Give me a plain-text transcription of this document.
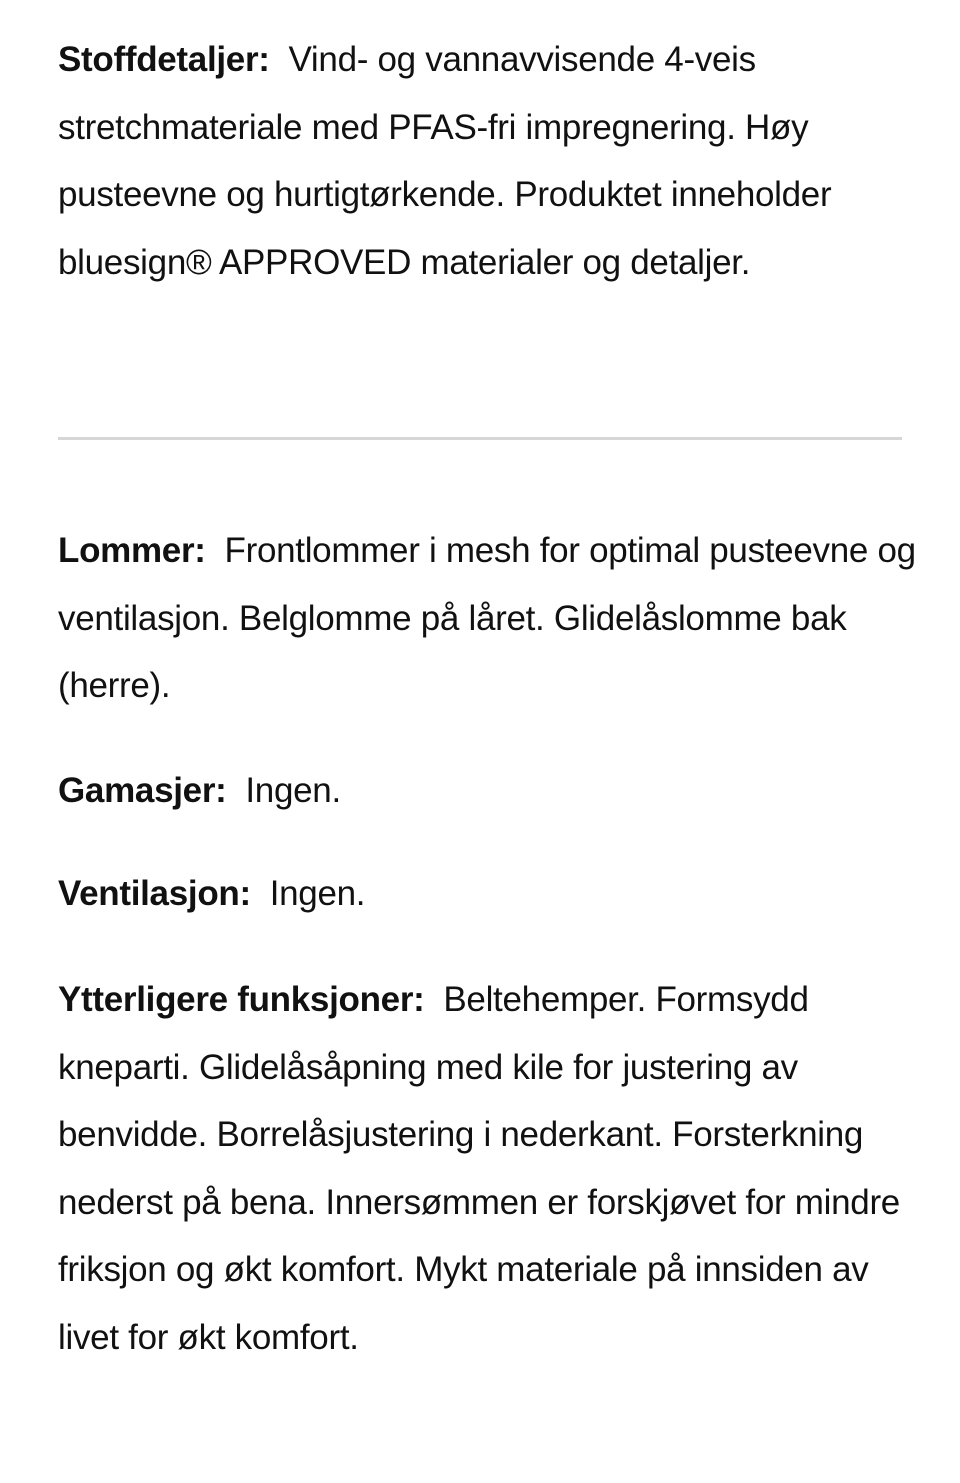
Stoffdetaljer: Vind- og vannavvisende 4-veis stretchmateriale med PFAS-fri impregnering. Høy pusteevne og hurtigtørkende. Produktet inneholder bluesign® APPROVED materialer og detaljer.

Lommer: Frontlommer i mesh for optimal pusteevne og ventilasjon. Belglomme på låret. Glidelåslomme bak (herre).

Gamasjer: Ingen.

Ventilasjon: Ingen.

Ytterligere funksjoner: Beltehemper. Formsydd kneparti. Glidelåsåpning med kile for justering av benvidde. Borrelåsjustering i nederkant. Forsterkning nederst på bena. Innersømmen er forskjøvet for mindre friksjon og økt komfort. Mykt materiale på innsiden av livet for økt komfort.
